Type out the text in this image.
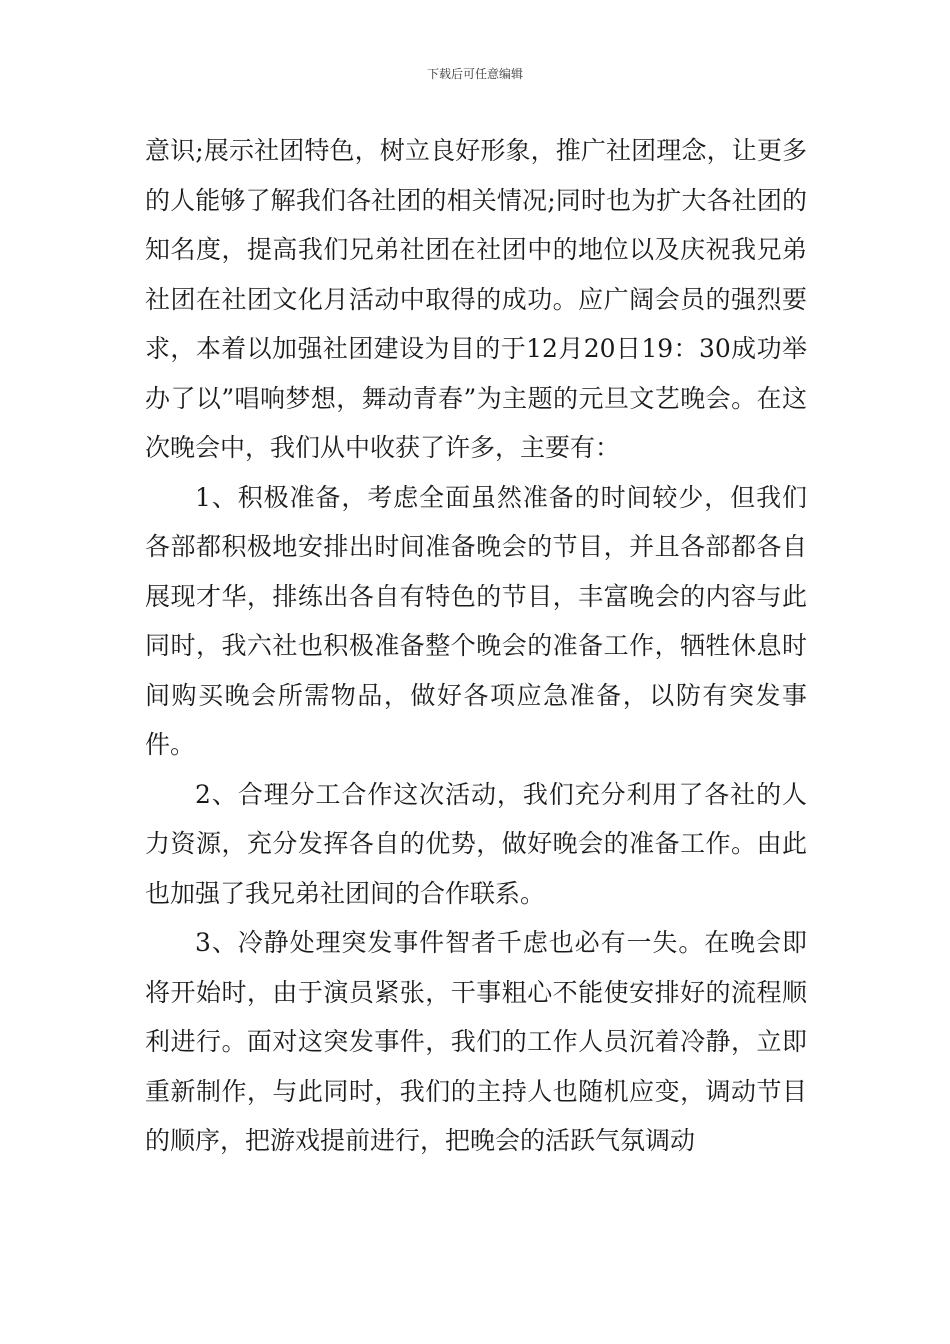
下载后可任意编辑

意识;展示社团特色，树立良好形象，推广社团理念，让更多的人能够了解我们各社团的相关情况;同时也为扩大各社团的知名度，提高我们兄弟社团在社团中的地位以及庆祝我兄弟社团在社团文化月活动中取得的成功。应广阔会员的强烈要求，本着以加强社团建设为目的于12月20日19：30成功举办了以”唱响梦想，舞动青春”为主题的元旦文艺晚会。在这次晚会中，我们从中收获了许多，主要有：

1、积极准备，考虑全面虽然准备的时间较少，但我们各部都积极地安排出时间准备晚会的节目，并且各部都各自展现才华，排练出各自有特色的节目，丰富晚会的内容与此同时，我六社也积极准备整个晚会的准备工作，牺牲休息时间购买晚会所需物品，做好各项应急准备，以防有突发事件。

2、合理分工合作这次活动，我们充分利用了各社的人力资源，充分发挥各自的优势，做好晚会的准备工作。由此也加强了我兄弟社团间的合作联系。

3、冷静处理突发事件智者千虑也必有一失。在晚会即将开始时，由于演员紧张，干事粗心不能使安排好的流程顺利进行。面对这突发事件，我们的工作人员沉着冷静，立即重新制作，与此同时，我们的主持人也随机应变，调动节目的顺序，把游戏提前进行，把晚会的活跃气氛调动
